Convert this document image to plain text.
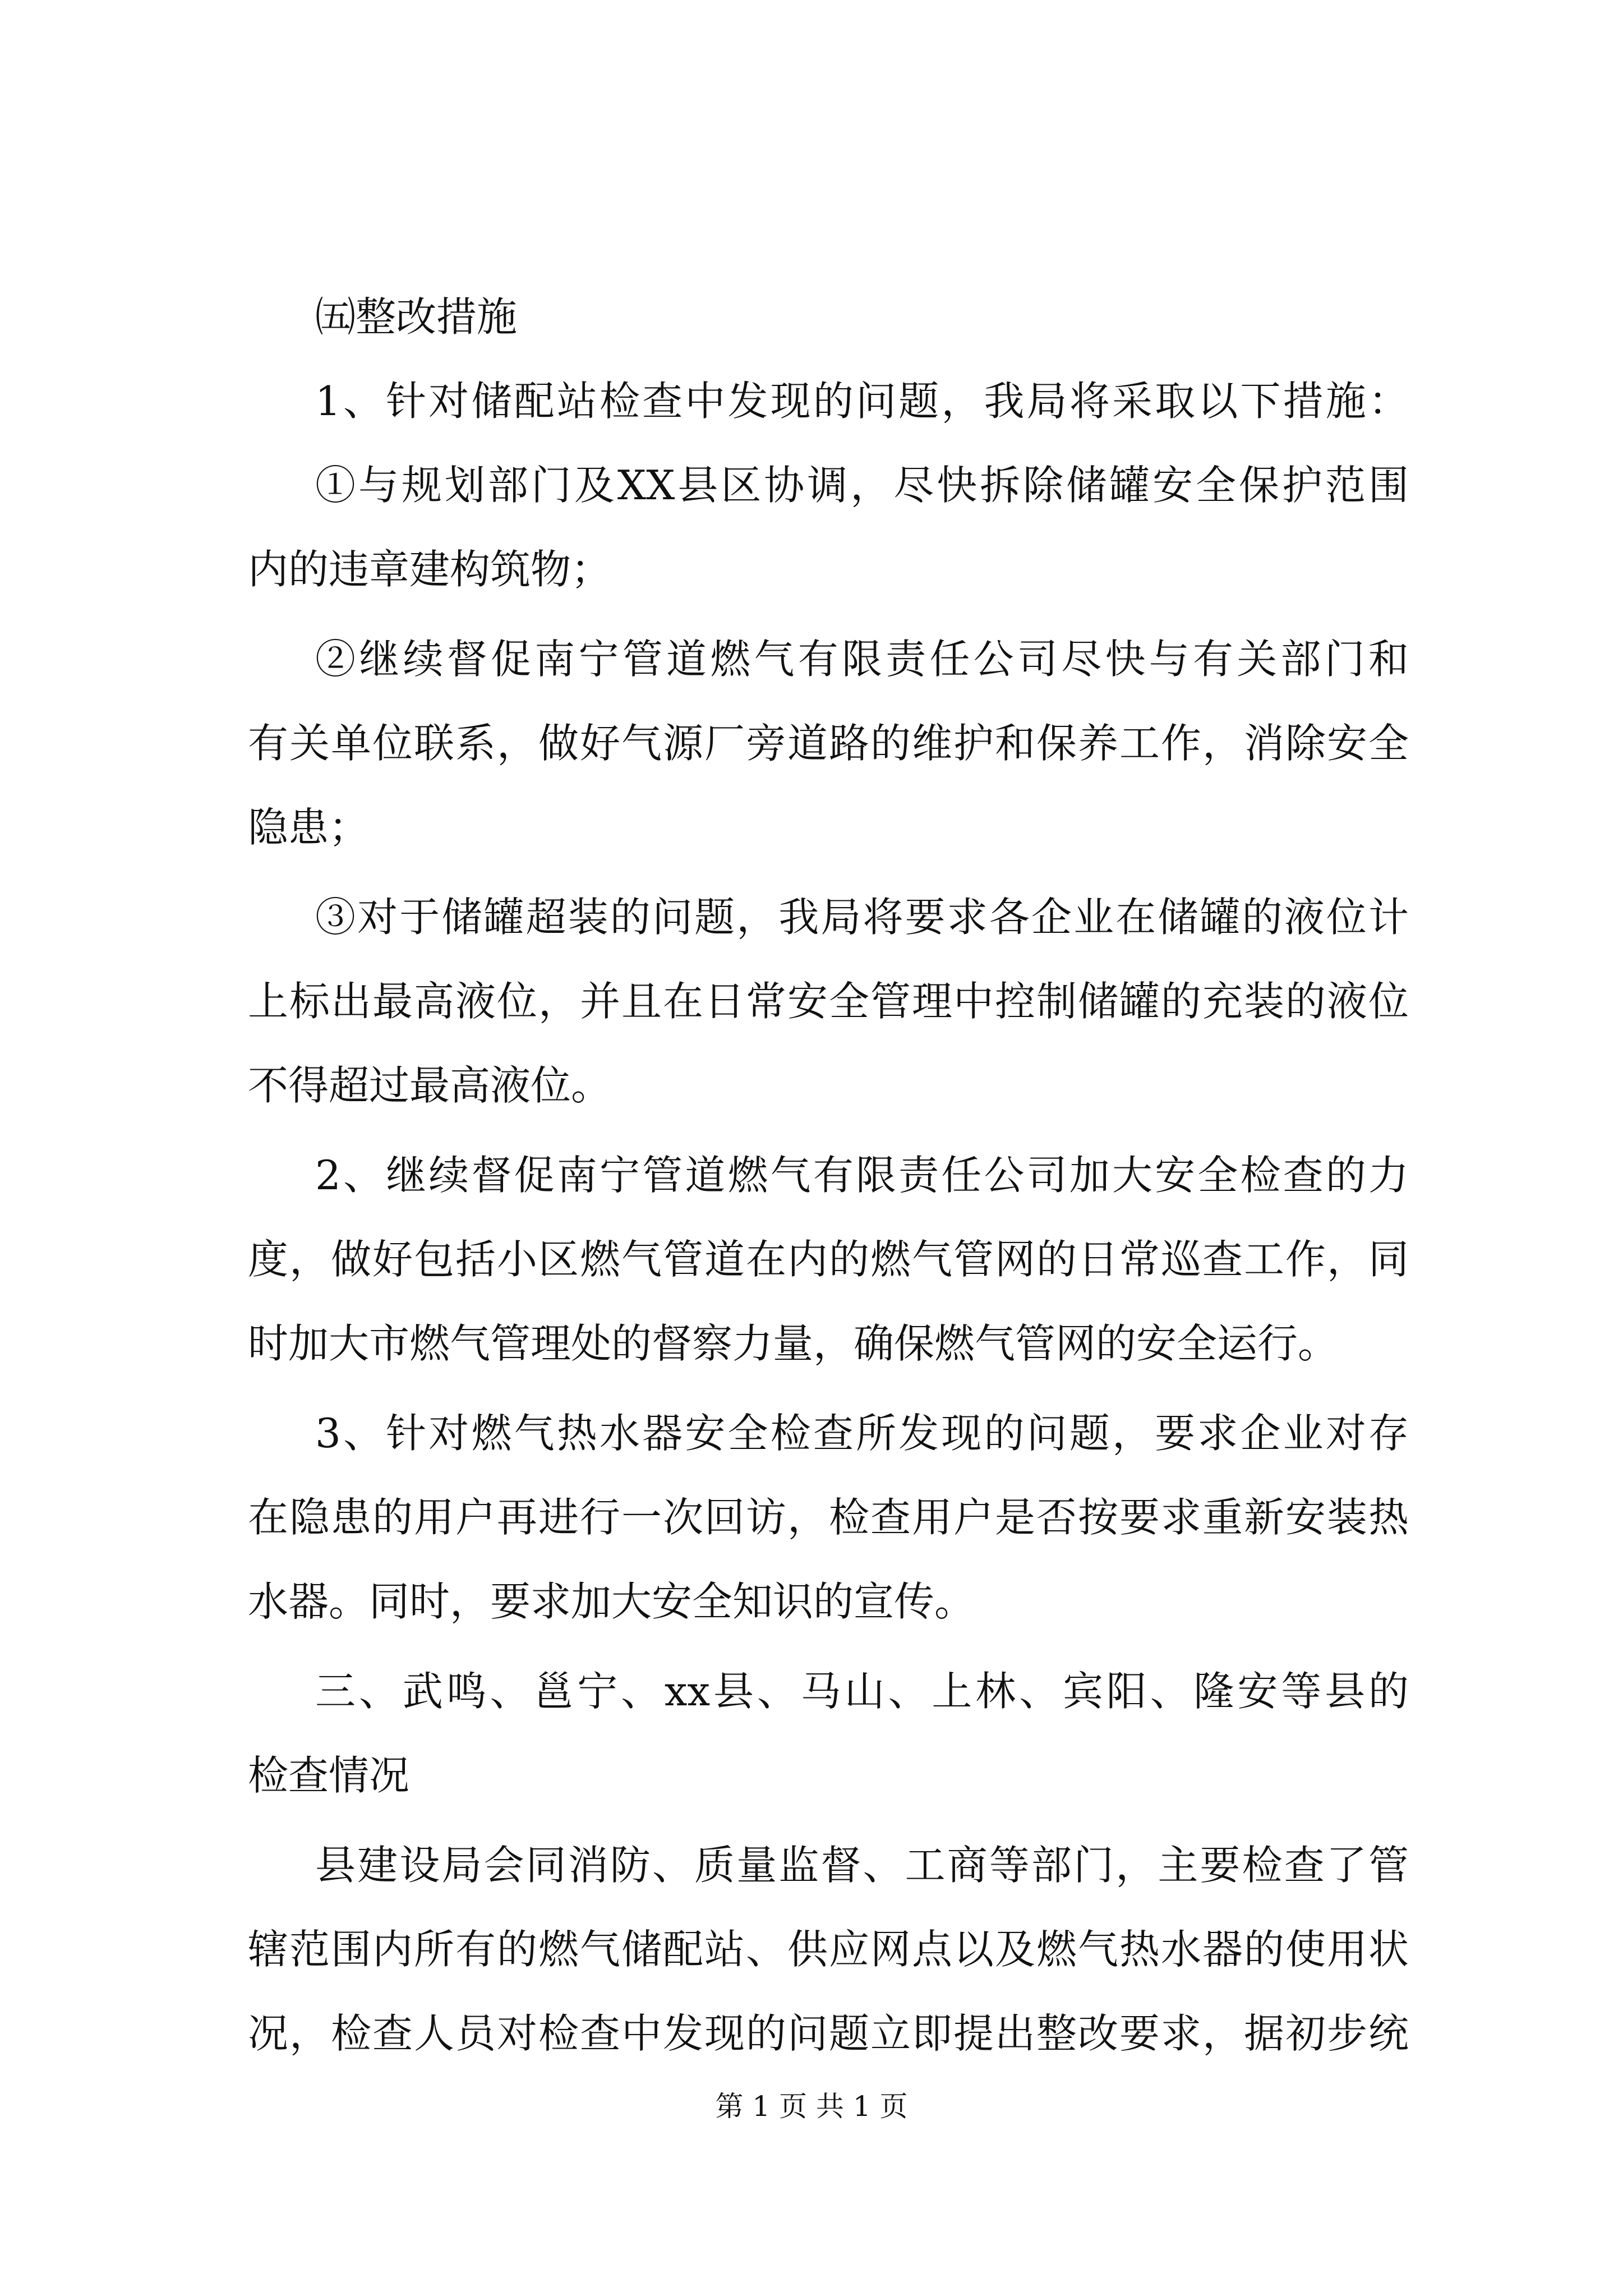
㈤整改措施
1、针对储配站检查中发现的问题，我局将采取以下措施：
①与规划部门及XX县区协调，尽快拆除储罐安全保护范围
内的违章建构筑物；
②继续督促南宁管道燃气有限责任公司尽快与有关部门和
有关单位联系，做好气源厂旁道路的维护和保养工作，消除安全
隐患；
③对于储罐超装的问题，我局将要求各企业在储罐的液位计
上标出最高液位，并且在日常安全管理中控制储罐的充装的液位
不得超过最高液位。
2、继续督促南宁管道燃气有限责任公司加大安全检查的力
度，做好包括小区燃气管道在内的燃气管网的日常巡查工作，同
时加大市燃气管理处的督察力量，确保燃气管网的安全运行。
3、针对燃气热水器安全检查所发现的问题，要求企业对存
在隐患的用户再进行一次回访，检查用户是否按要求重新安装热
水器。同时，要求加大安全知识的宣传。
三、武鸣、邕宁、xx县、马山、上林、宾阳、隆安等县的
检查情况
县建设局会同消防、质量监督、工商等部门，主要检查了管
辖范围内所有的燃气储配站、供应网点以及燃气热水器的使用状
况，检查人员对检查中发现的问题立即提出整改要求，据初步统
第 1 页 共 1 页
